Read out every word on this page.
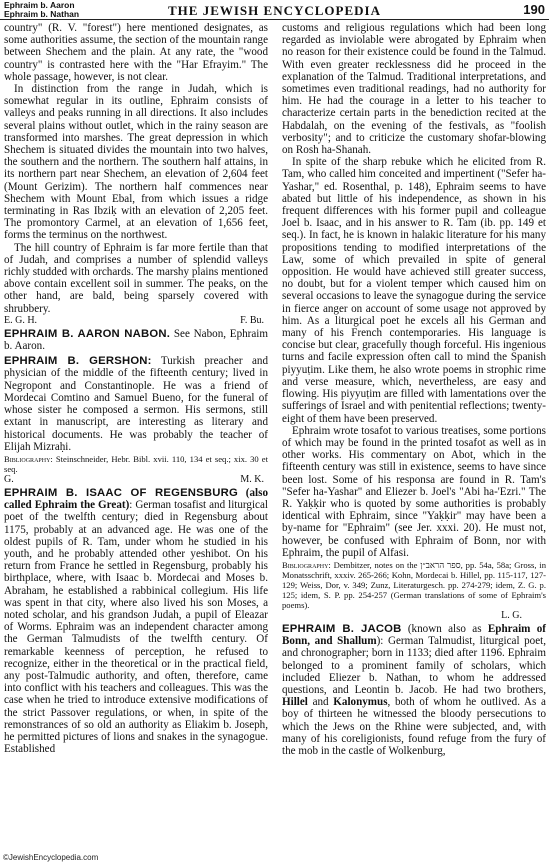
Ephraim b. Aaron
Ephraim b. Nathan	THE JEWISH ENCYCLOPEDIA	190

country" (R. V. "forest") here mentioned designates, as some authorities assume, the section of the mountain range between Shechem and the plain. At any rate, the "wood country" is contrasted here with the "Har Efrayim." The whole passage, however, is not clear.

In distinction from the range in Judah, which is somewhat regular in its outline, Ephraim consists of valleys and peaks running in all directions. It also includes several plains without outlet, which in the rainy season are transformed into marshes. The great depression in which Shechem is situated divides the mountain into two halves, the southern and the northern. The southern half attains, in its northern part near Shechem, an elevation of 2,604 feet (Mount Gerizim). The northern half commences near Shechem with Mount Ebal, from which issues a ridge terminating in Ras Ibziḳ with an elevation of 2,205 feet. The promontory Carmel, at an elevation of 1,656 feet, forms the terminus on the northwest.

The hill country of Ephraim is far more fertile than that of Judah, and comprises a number of splendid valleys richly studded with orchards. The marshy plains mentioned above contain excellent soil in summer. The peaks, on the other hand, are bald, being sparsely covered with shrubbery.

E. G. H.	F. Bu.

EPHRAIM B. AARON NABON. See Nabon, Ephraim b. Aaron.

EPHRAIM B. GERSHON: Turkish preacher and physician of the middle of the fifteenth century; lived in Negropont and Constantinople. He was a friend of Mordecai Comtino and Samuel Bueno, for the funeral of whose sister he composed a sermon. His sermons, still extant in manuscript, are interesting as literary and historical documents. He was probably the teacher of Elijah Mizraḥi.

Bibliography: Steinschneider, Hebr. Bibl. xvii. 110, 134 et seq.; xix. 30 et seq.

G.	M. K.

EPHRAIM B. ISAAC OF REGENSBURG (also called Ephraim the Great): German tosafist and liturgical poet of the twelfth century; died in Regensburg about 1175, probably at an advanced age. He was one of the oldest pupils of R. Tam, under whom he studied in his youth, and he probably attended other yeshibot. On his return from France he settled in Regensburg, probably his birthplace, where, with Isaac b. Mordecai and Moses b. Abraham, he established a rabbinical collegium. His life was spent in that city, where also lived his son Moses, a noted scholar, and his grandson Judah, a pupil of Eleazar of Worms. Ephraim was an independent character among the German Talmudists of the twelfth century. Of remarkable keenness of perception, he refused to recognize, either in the theoretical or in the practical field, any post-Talmudic authority, and often, therefore, came into conflict with his teachers and colleagues. This was the case when he tried to introduce extensive modifications of the strict Passover regulations, or when, in spite of the remonstrances of so old an authority as Eliakim b. Joseph, he permitted pictures of lions and snakes in the synagogue. Established

customs and religious regulations which had been long regarded as inviolable were abrogated by Ephraim when no reason for their existence could be found in the Talmud. With even greater recklessness did he proceed in the explanation of the Talmud. Traditional interpretations, and sometimes even traditional readings, had no authority for him. He had the courage in a letter to his teacher to characterize certain parts in the benediction recited at the Habdalah, on the evening of the festivals, as "foolish verbosity"; and to criticize the customary shofar-blowing on Rosh ha-Shanah.

In spite of the sharp rebuke which he elicited from R. Tam, who called him conceited and impertinent ("Sefer ha-Yashar," ed. Rosenthal, p. 148), Ephraim seems to have abated but little of his independence, as shown in his frequent differences with his former pupil and colleague Joel b. Isaac, and in his answer to R. Tam (ib. pp. 149 et seq.). In fact, he is known in halakic literature for his many propositions tending to modified interpretations of the Law, some of which prevailed in spite of general opposition. He would have achieved still greater success, no doubt, but for a violent temper which caused him on several occasions to leave the synagogue during the service in fierce anger on account of some usage not approved by him. As a liturgical poet he excels all his German and many of his French contemporaries. His language is concise but clear, gracefully though forceful. His ingenious turns and facile expression often call to mind the Spanish piyyuṭim. Like them, he also wrote poems in strophic rime and verse measure, which, nevertheless, are easy and flowing. His piyyuṭim are filled with lamentations over the sufferings of Israel and with penitential reflections; twenty-eight of them have been preserved.

Ephraim wrote tosafot to various treatises, some portions of which may be found in the printed tosafot as well as in other works. His commentary on Abot, which in the fifteenth century was still in existence, seems to have since been lost. Some of his responsa are found in R. Tam's "Sefer ha-Yashar" and Eliezer b. Joel's "Abi ha-'Ezri." The R. Yaḳḳir who is quoted by some authorities is probably identical with Ephraim, since "Yaḳḳir" may have been a by-name for "Ephraim" (see Jer. xxxi. 20). He must not, however, be confused with Ephraim of Bonn, nor with Ephraim, the pupil of Alfasi.

Bibliography: Dembitzer, notes on the ספר הראב״ן, pp. 54a, 58a; Gross, in Monatsschrift, xxxiv. 265-266; Kohn, Mordecai b. Hillel, pp. 115-117, 127-129; Weiss, Dor, v. 349; Zunz, Literaturgesch. pp. 274-279; idem, Z. G. p. 125; idem, S. P. pp. 254-257 (German translations of some of Ephraim's poems).

L. G.

EPHRAIM B. JACOB (known also as Ephraim of Bonn, and Shallum): German Talmudist, liturgical poet, and chronographer; born in 1133; died after 1196. Ephraim belonged to a prominent family of scholars, which included Eliezer b. Nathan, to whom he addressed questions, and Leontin b. Jacob. He had two brothers, Hillel and Kalonymus, both of whom he outlived. As a boy of thirteen he witnessed the bloody persecutions to which the Jews on the Rhine were subjected, and, with many of his coreligionists, found refuge from the fury of the mob in the castle of Wolkenburg,

©JewishEncyclopedia.com
